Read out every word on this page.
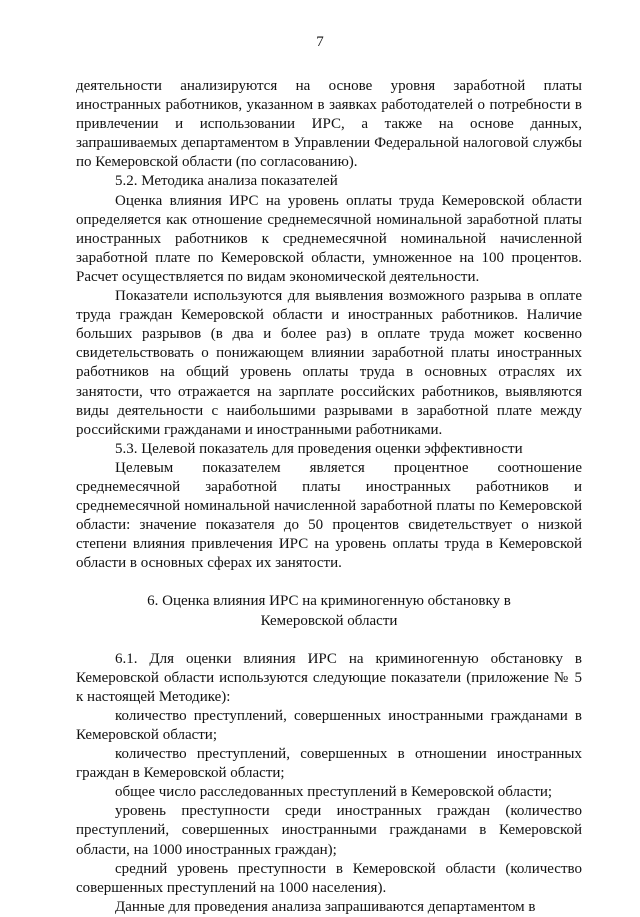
7

деятельности анализируются на основе уровня заработной платы иностранных работников, указанном в заявках работодателей о потребности в привлечении и использовании ИРС, а также на основе данных, запрашиваемых департаментом в Управлении Федеральной налоговой службы по Кемеровской области (по согласованию).

5.2. Методика анализа показателей

Оценка влияния ИРС на уровень оплаты труда Кемеровской области определяется как отношение среднемесячной номинальной заработной платы иностранных работников к среднемесячной номинальной начисленной заработной плате по Кемеровской области, умноженное на 100 процентов. Расчет осуществляется по видам экономической деятельности.

Показатели используются для выявления возможного разрыва в оплате труда граждан Кемеровской области и иностранных работников. Наличие больших разрывов (в два и более раз) в оплате труда может косвенно свидетельствовать о понижающем влиянии заработной платы иностранных работников на общий уровень оплаты труда в основных отраслях их занятости, что отражается на зарплате российских работников, выявляются виды деятельности с наибольшими разрывами в заработной плате между российскими гражданами и иностранными работниками.

5.3. Целевой показатель для проведения оценки эффективности

Целевым показателем является процентное соотношение среднемесячной заработной платы иностранных работников и среднемесячной номинальной начисленной заработной платы по Кемеровской области: значение показателя до 50 процентов свидетельствует о низкой степени влияния привлечения ИРС на уровень оплаты труда в Кемеровской области в основных сферах их занятости.

6. Оценка влияния ИРС на криминогенную обстановку в Кемеровской области

6.1. Для оценки влияния ИРС на криминогенную обстановку в Кемеровской области используются следующие показатели (приложение № 5 к настоящей Методике):

количество преступлений, совершенных иностранными гражданами в Кемеровской области;

количество преступлений, совершенных в отношении иностранных граждан в Кемеровской области;

общее число расследованных преступлений в Кемеровской области;

уровень преступности среди иностранных граждан (количество преступлений, совершенных иностранными гражданами в Кемеровской области, на 1000 иностранных граждан);

средний уровень преступности в Кемеровской области (количество совершенных преступлений на 1000 населения).

Данные для проведения анализа запрашиваются департаментом в
